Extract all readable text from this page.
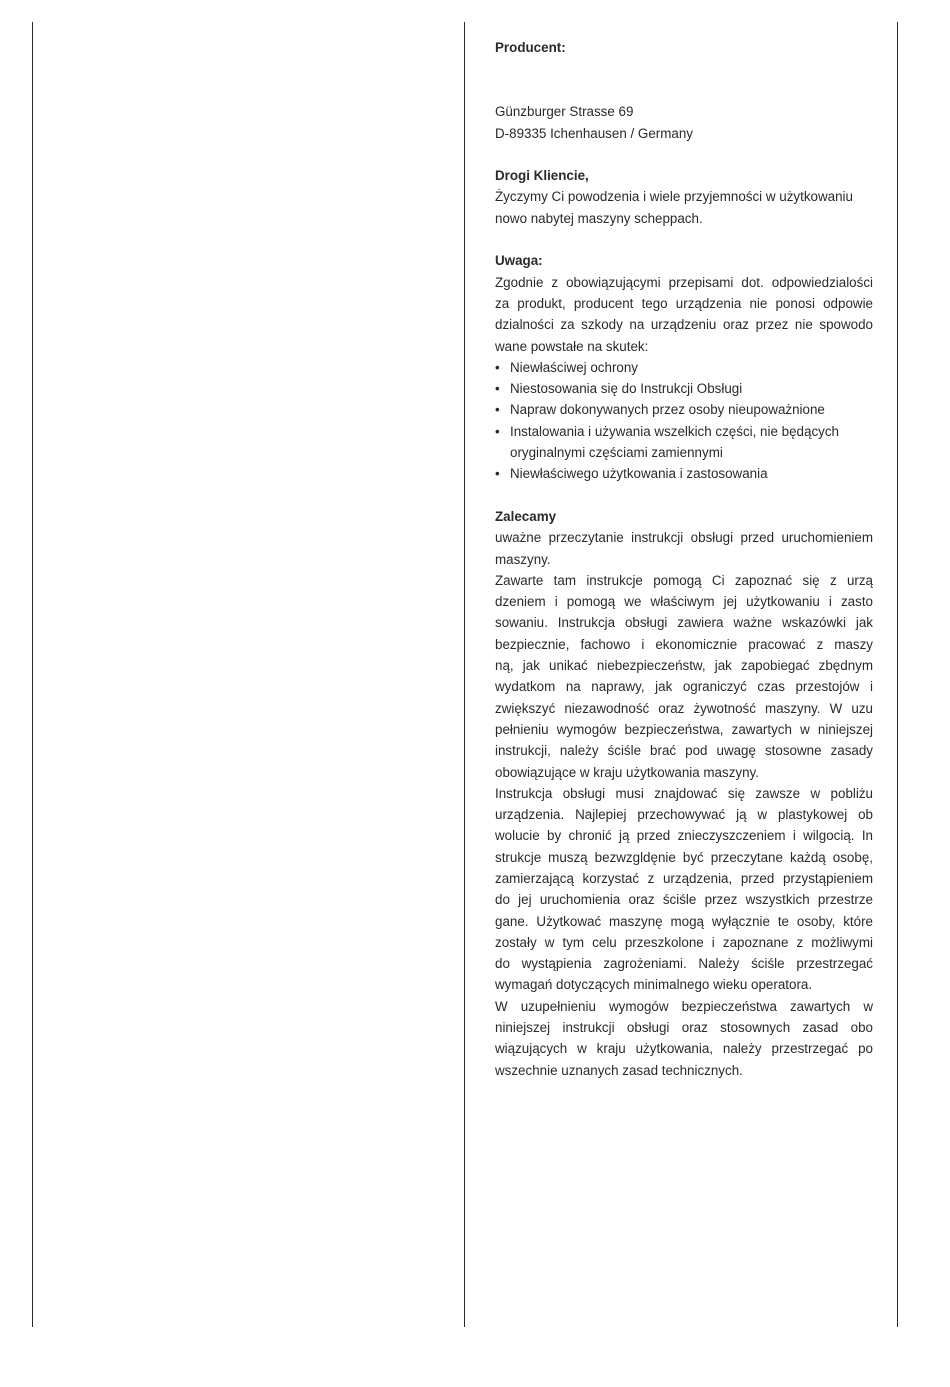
Producent:
Günzburger Strasse 69
D-89335 Ichenhausen / Germany
Drogi Kliencie,
Życzymy Ci powodzenia i wiele przyjemności w użytkowaniu
nowo nabytej maszyny scheppach.
Uwaga:
Zgodnie z obowiązującymi przepisami dot. odpowiedzialości
za produkt, producent tego urządzenia nie ponosi odpowie
dzialności za szkody na urządzeniu oraz przez nie spowodo
wane powstałe na skutek:
• Niewłaściwej ochrony
• Niestosowania się do Instrukcji Obsługi
• Napraw dokonywanych przez osoby nieupoważnione
• Instalowania i używania wszelkich części, nie będących oryginalnymi częściami zamiennymi
• Niewłaściwego użytkowania i zastosowania
Zalecamy
uważne przeczytanie instrukcji obsługi przed uruchomieniem
maszyny.
Zawarte tam instrukcje pomogą Ci zapoznać się z urzą
dzeniem i pomogą we właściwym jej użytkowaniu i zasto
sowaniu. Instrukcja obsługi zawiera ważne wskazówki jak
bezpiecznie, fachowo i ekonomicznie pracować z maszy
ną, jak unikać niebezpieczeństw, jak zapobiegać zbędnym
wydatkom na naprawy, jak ograniczyć czas przestojów i
zwiększyć niezawodność oraz żywotność maszyny. W uzu
pełnieniu wymogów bezpieczeństwa, zawartych w niniejszej
instrukcji, należy ściśle brać pod uwagę stosowne zasady
obowiązujące w kraju użytkowania maszyny.
Instrukcja obsługi musi znajdować się zawsze w pobliżu
urządzenia. Najlepiej przechowywać ją w plastykowej ob
wolucie by chronić ją przed znieczyszczeniem i wilgocią. In
strukcje muszą bezwzgldęnie być przeczytane każdą osobę,
zamierzającą korzystać z urządzenia, przed przystąpieniem
do jej uruchomienia oraz ściśle przez wszystkich przestrze
gane. Użytkować maszynę mogą wyłącznie te osoby, które
zostały w tym celu przeszkolone i zapoznane z możliwymi
do wystąpienia zagrożeniami. Należy ściśle przestrzegać
wymagań dotyczących minimalnego wieku operatora.
W uzupełnieniu wymogów bezpieczeństwa zawartych w
niniejszej instrukcji obsługi oraz stosownych zasad obo
wiązujących w kraju użytkowania, należy przestrzegać po
wszechnie uznanych zasad technicznych.
